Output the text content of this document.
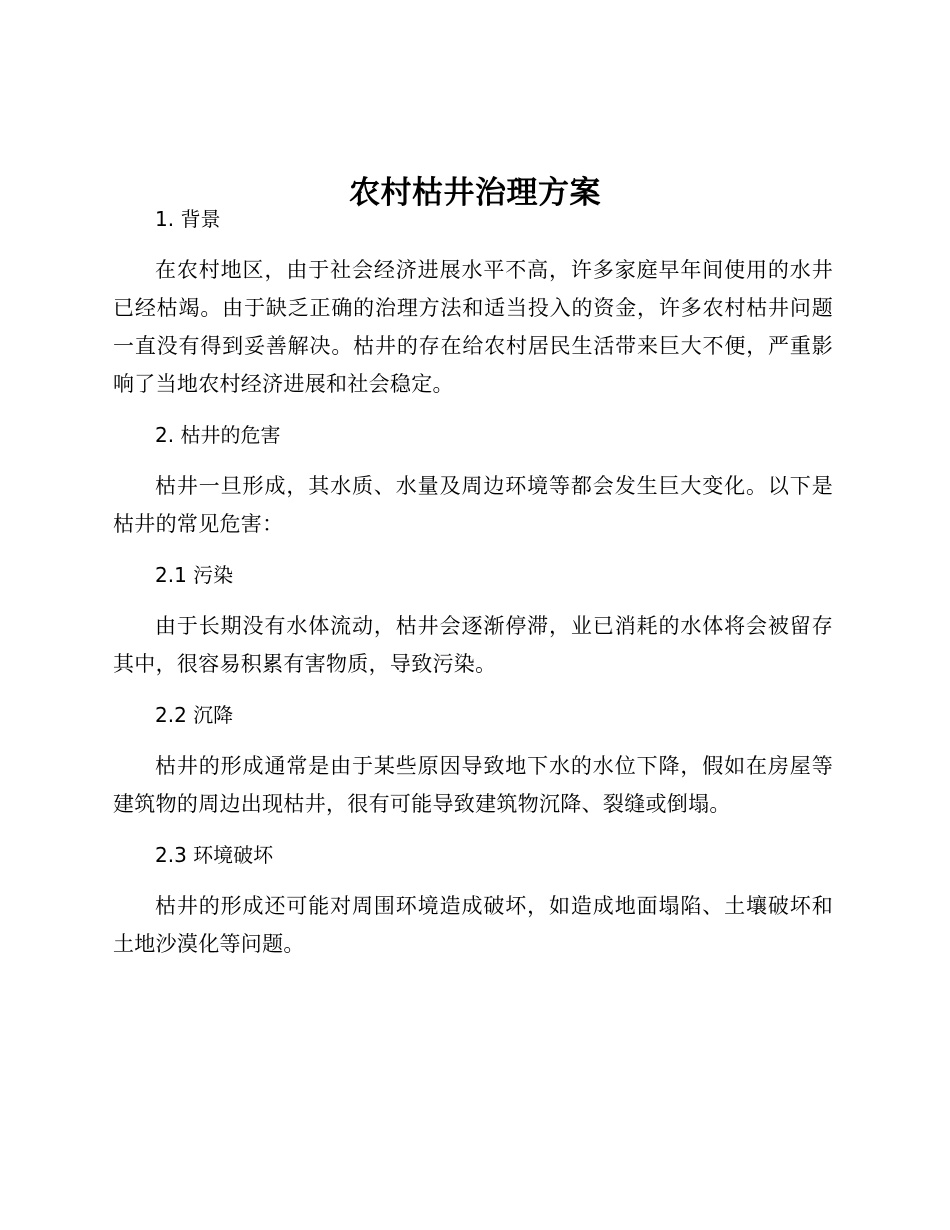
农村枯井治理方案
1. 背景

在农村地区，由于社会经济进展水平不高，许多家庭早年间使用的水井已经枯竭。由于缺乏正确的治理方法和适当投入的资金，许多农村枯井问题一直没有得到妥善解决。枯井的存在给农村居民生活带来巨大不便，严重影响了当地农村经济进展和社会稳定。

2. 枯井的危害

枯井一旦形成，其水质、水量及周边环境等都会发生巨大变化。以下是枯井的常见危害：

2.1 污染

由于长期没有水体流动，枯井会逐渐停滞，业已消耗的水体将会被留存其中，很容易积累有害物质，导致污染。

2.2 沉降

枯井的形成通常是由于某些原因导致地下水的水位下降，假如在房屋等建筑物的周边出现枯井，很有可能导致建筑物沉降、裂缝或倒塌。

2.3 环境破坏

枯井的形成还可能对周围环境造成破坏，如造成地面塌陷、土壤破坏和土地沙漠化等问题。
